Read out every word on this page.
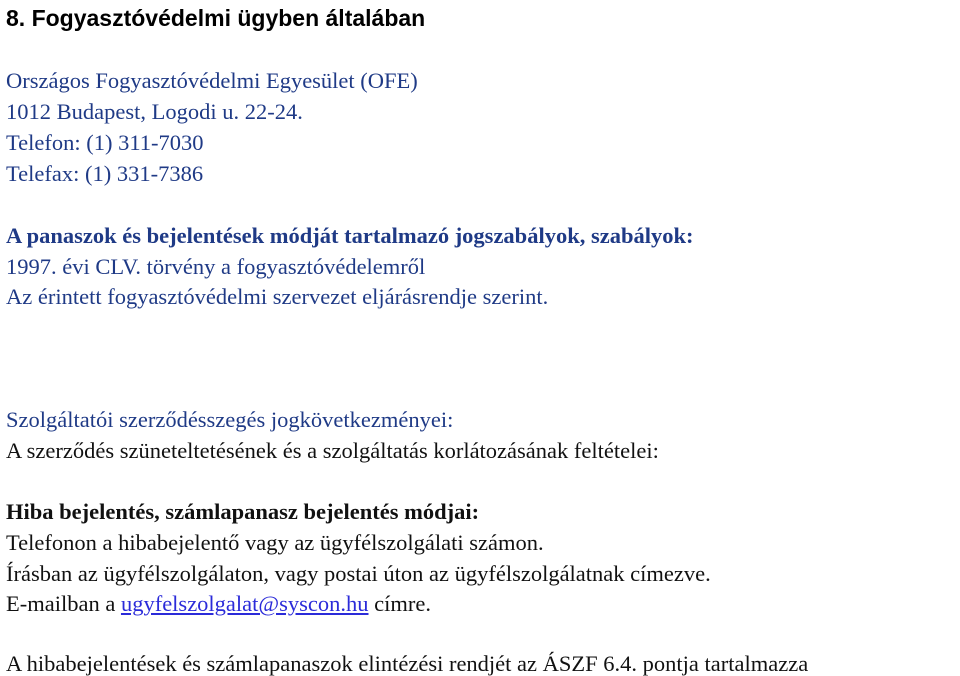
8. Fogyasztóvédelmi ügyben általában
Országos Fogyasztóvédelmi Egyesület (OFE)
1012 Budapest, Logodi u. 22-24.
Telefon: (1) 311-7030
Telefax: (1) 331-7386
A panaszok és bejelentések módját tartalmazó jogszabályok, szabályok:
1997. évi CLV. törvény a fogyasztóvédelemről
Az érintett fogyasztóvédelmi szervezet eljárásrendje szerint.
Szolgáltatói szerződésszegés jogkövetkezményei:
A szerződés szüneteltetésének és a szolgáltatás korlátozásának feltételei:
Hiba bejelentés, számlapanasz bejelentés módjai:
Telefonon a hibabejelentő vagy az ügyfélszolgálati számon.
Írásban az ügyfélszolgálaton, vagy postai úton az ügyfélszolgálatnak címezve.
E-mailban a ugyfelszolgalat@syscon.hu címre.
A hibabejelentések és számlapanaszok elintézési rendjét az ÁSZF 6.4. pontja tartalmazza
